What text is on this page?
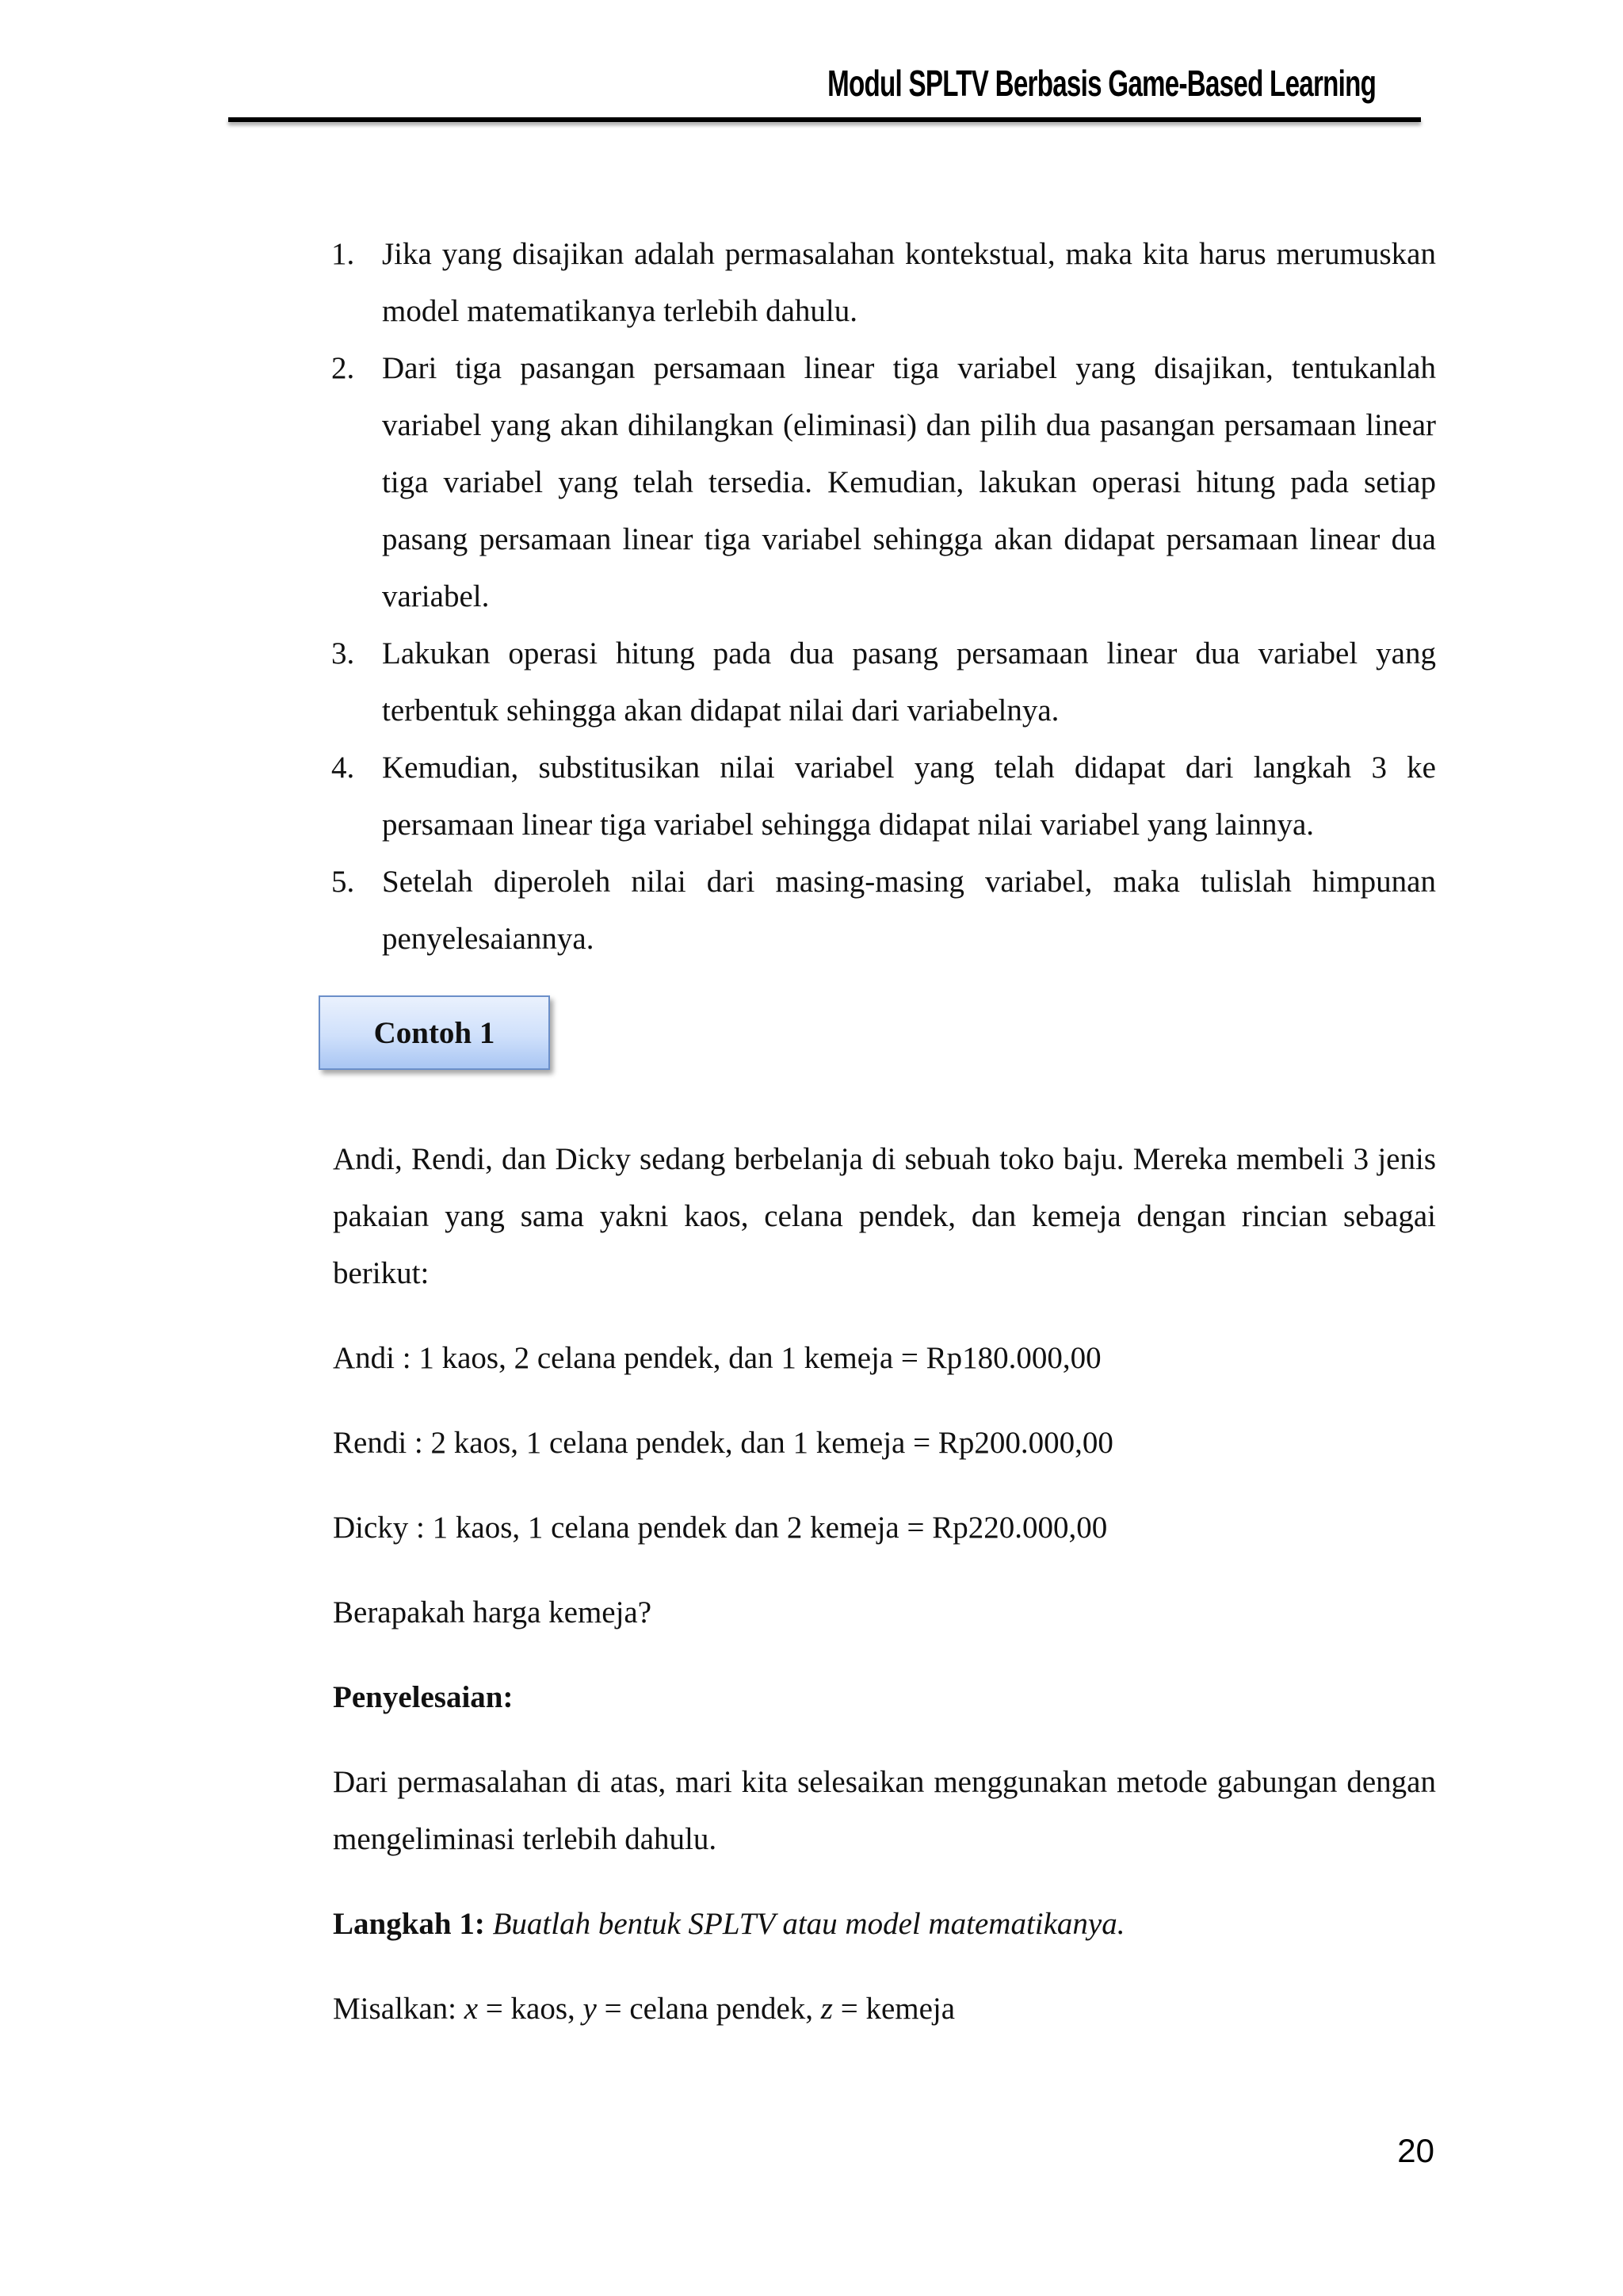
Modul SPLTV Berbasis Game-Based Learning
1. Jika yang disajikan adalah permasalahan kontekstual, maka kita harus merumuskan model matematikanya terlebih dahulu.
2. Dari tiga pasangan persamaan linear tiga variabel yang disajikan, tentukanlah variabel yang akan dihilangkan (eliminasi) dan pilih dua pasangan persamaan linear tiga variabel yang telah tersedia. Kemudian, lakukan operasi hitung pada setiap pasang persamaan linear tiga variabel sehingga akan didapat persamaan linear dua variabel.
3. Lakukan operasi hitung pada dua pasang persamaan linear dua variabel yang terbentuk sehingga akan didapat nilai dari variabelnya.
4. Kemudian, substitusikan nilai variabel yang telah didapat dari langkah 3 ke persamaan linear tiga variabel sehingga didapat nilai variabel yang lainnya.
5. Setelah diperoleh nilai dari masing-masing variabel, maka tulislah himpunan penyelesaiannya.
Contoh 1

Andi, Rendi, dan Dicky sedang berbelanja di sebuah toko baju. Mereka membeli 3 jenis pakaian yang sama yakni kaos, celana pendek, dan kemeja dengan rincian sebagai berikut:

Andi : 1 kaos, 2 celana pendek, dan 1 kemeja = Rp180.000,00

Rendi : 2 kaos, 1 celana pendek, dan 1 kemeja = Rp200.000,00

Dicky : 1 kaos, 1 celana pendek dan 2 kemeja = Rp220.000,00

Berapakah harga kemeja?

Penyelesaian:

Dari permasalahan di atas, mari kita selesaikan menggunakan metode gabungan dengan mengeliminasi terlebih dahulu.

Langkah 1: Buatlah bentuk SPLTV atau model matematikanya.

Misalkan: x = kaos, y = celana pendek, z = kemeja

20
